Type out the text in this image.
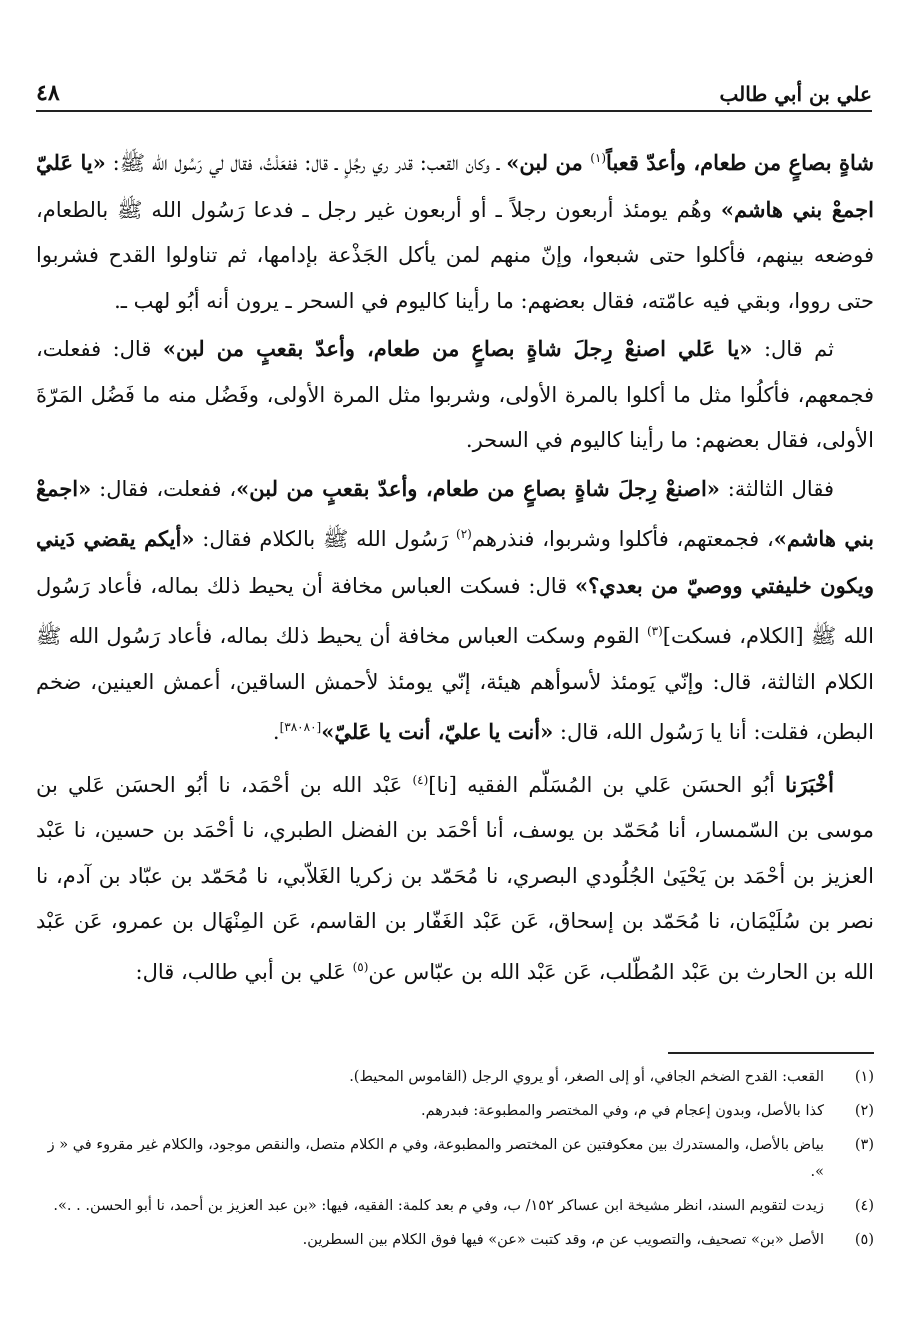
علي بن أبي طالب
٤٨

شاةٍ بصاعٍ من طعام، وأعدّ قعباً$^{(١)}$ من لبن» ـ وكان القعب: قدر ري رجُلٍ ـ قال: ففعَلْتُ، فقال لي رَسُول الله ﷺ: «يا عَليّ اجمعْ بني هاشم» وهُم يومئذ أربعون رجلاً ـ أو أربعون غير رجل ـ فدعا رَسُول الله ﷺ بالطعام، فوضعه بينهم، فأكلوا حتى شبعوا، وإنّ منهم لمن يأكل الجَذْعة بإدامها، ثم تناولوا القدح فشربوا حتى رووا، وبقي فيه عامّته، فقال بعضهم: ما رأينا كاليوم في السحر ـ يرون أنه أبُو لهب ـ.

ثم قال: «يا عَلي اصنعْ رِجلَ شاةٍ بصاعٍ من طعام، وأعدّ بقعبٍ من لبن» قال: ففعلت، فجمعهم، فأكلُوا مثل ما أكلوا بالمرة الأولى، وشربوا مثل المرة الأولى، وفَضُل منه ما فَضُل المَرّةَ الأولى، فقال بعضهم: ما رأينا كاليوم في السحر.

فقال الثالثة: «اصنعْ رِجلَ شاةٍ بصاعٍ من طعام، وأعدّ بقعبٍ من لبن»، ففعلت، فقال: «اجمعْ بني هاشم»، فجمعتهم، فأكلوا وشربوا، فنذرهم$^{(٢)}$ رَسُول الله ﷺ بالكلام فقال: «أيكم يقضي دَيني ويكون خليفتي ووصيّ من بعدي؟» قال: فسكت العباس مخافة أن يحيط ذلك بماله، فأعاد رَسُول الله ﷺ [الكلام، فسكت]$^{(٣)}$ القوم وسكت العباس مخافة أن يحيط ذلك بماله، فأعاد رَسُول الله ﷺ الكلام الثالثة، قال: وإنّي يَومئذ لأسوأهم هيئة، إنّي يومئذ لأحمش الساقين، أعمش العينين، ضخم البطن، فقلت: أنا يا رَسُول الله، قال: «أنت يا عليّ، أنت يا عَليّ»[٣٨٠٨٠].

أخْبَرَنا أبُو الحسَن عَلي بن المُسَلّم الفقيه [نا]$^{(٤)}$ عَبْد الله بن أحْمَد، نا أبُو الحسَن عَلي بن موسى بن السّمسار، أنا مُحَمّد بن يوسف، أنا أحْمَد بن الفضل الطبري، نا أحْمَد بن حسين، نا عَبْد العزيز بن أحْمَد بن يَحْيَىٰ الجُلُودي البصري، نا مُحَمّد بن زكريا الغَلاّبي، نا مُحَمّد بن عبّاد بن آدم، نا نصر بن سُلَيْمَان، نا مُحَمّد بن إسحاق، عَن عَبْد الغَفّار بن القاسم، عَن المِنْهَال بن عمرو، عَن عَبْد الله بن الحارث بن عَبْد المُطّلب، عَن عَبْد الله بن عبّاس عن$^{(٥)}$ عَلي بن أبي طالب، قال:

(١)
القعب: القدح الضخم الجافي، أو إلى الصغر، أو يروي الرجل (القاموس المحيط).
(٢)
كذا بالأصل، وبدون إعجام في م، وفي المختصر والمطبوعة: فبدرهم.
(٣)
بياض بالأصل، والمستدرك بين معكوفتين عن المختصر والمطبوعة، وفي م الكلام متصل، والنقص موجود، والكلام غير مقروء في « ز ».
(٤)
زيدت لتقويم السند، انظر مشيخة ابن عساكر ١٥٢/ ب، وفي م بعد كلمة: الفقيه، فيها: «بن عبد العزيز بن أحمد، نا أبو الحسن. . .».
(٥)
الأصل «بن» تصحيف، والتصويب عن م، وقد كتبت «عن» فيها فوق الكلام بين السطرين.
